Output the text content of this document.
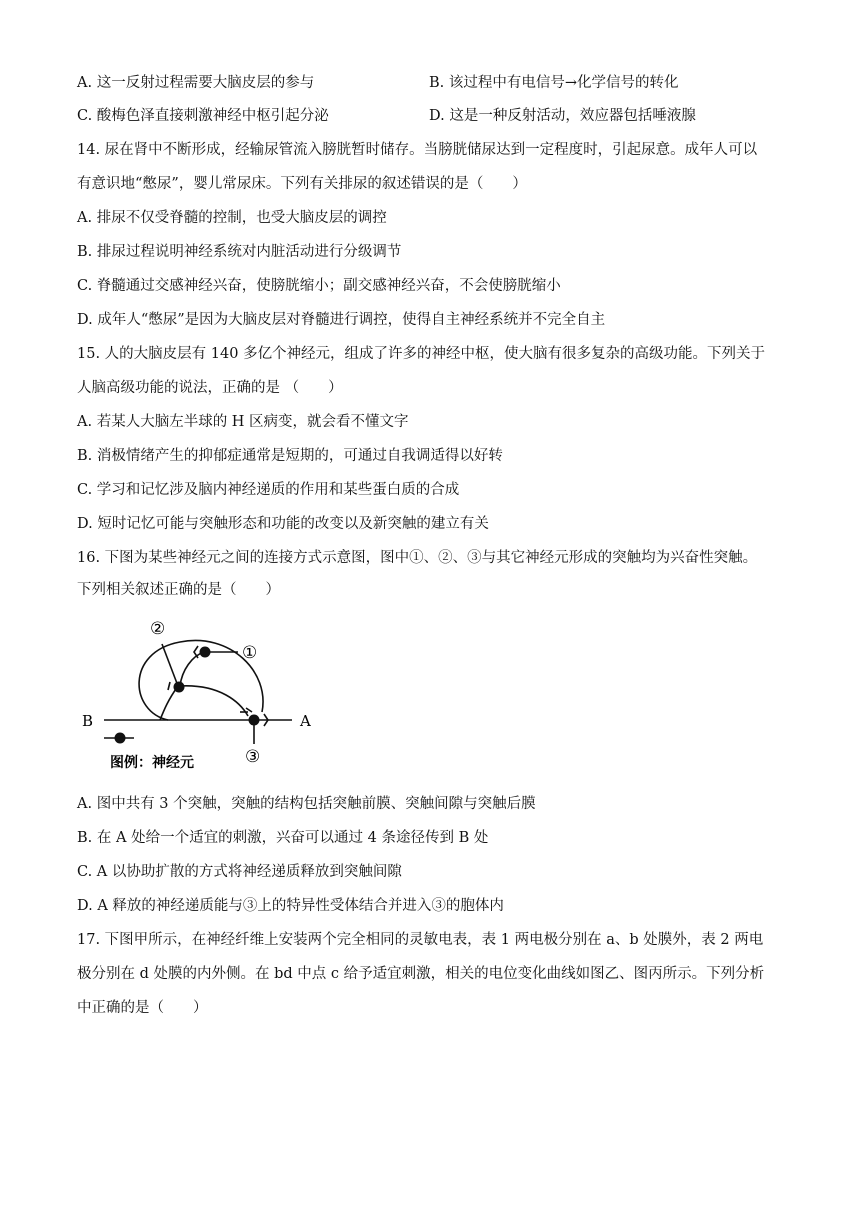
A. 这一反射过程需要大脑皮层的参与	B. 该过程中有电信号→化学信号的转化
C. 酸梅色泽直接刺激神经中枢引起分泌	D. 这是一种反射活动，效应器包括唾液腺
14. 尿在肾中不断形成，经输尿管流入膀胱暂时储存。当膀胱储尿达到一定程度时，引起尿意。成年人可以
有意识地“憋尿”，婴儿常尿床。下列有关排尿的叙述错误的是（　　）
A. 排尿不仅受脊髓的控制，也受大脑皮层的调控
B. 排尿过程说明神经系统对内脏活动进行分级调节
C. 脊髓通过交感神经兴奋，使膀胱缩小；副交感神经兴奋，不会使膀胱缩小
D. 成年人“憋尿”是因为大脑皮层对脊髓进行调控，使得自主神经系统并不完全自主
15. 人的大脑皮层有 140 多亿个神经元，组成了许多的神经中枢，使大脑有很多复杂的高级功能。下列关于
人脑高级功能的说法，正确的是 （　　）
A. 若某人大脑左半球的 H 区病变，就会看不懂文字
B. 消极情绪产生的抑郁症通常是短期的，可通过自我调适得以好转
C. 学习和记忆涉及脑内神经递质的作用和某些蛋白质的合成
D. 短时记忆可能与突触形态和功能的改变以及新突触的建立有关
16. 下图为某些神经元之间的连接方式示意图，图中①、②、③与其它神经元形成的突触均为兴奋性突触。
下列相关叙述正确的是（　　）
②
①
③
B	A
图例：神经元
A. 图中共有 3 个突触，突触的结构包括突触前膜、突触间隙与突触后膜
B. 在 A 处给一个适宜的刺激，兴奋可以通过 4 条途径传到 B 处
C. A 以协助扩散的方式将神经递质释放到突触间隙
D. A 释放的神经递质能与③上的特异性受体结合并进入③的胞体内
17. 下图甲所示，在神经纤维上安装两个完全相同的灵敏电表，表 1 两电极分别在 a、b 处膜外，表 2 两电
极分别在 d 处膜的内外侧。在 bd 中点 c 给予适宜刺激，相关的电位变化曲线如图乙、图丙所示。下列分析
中正确的是（　　）
